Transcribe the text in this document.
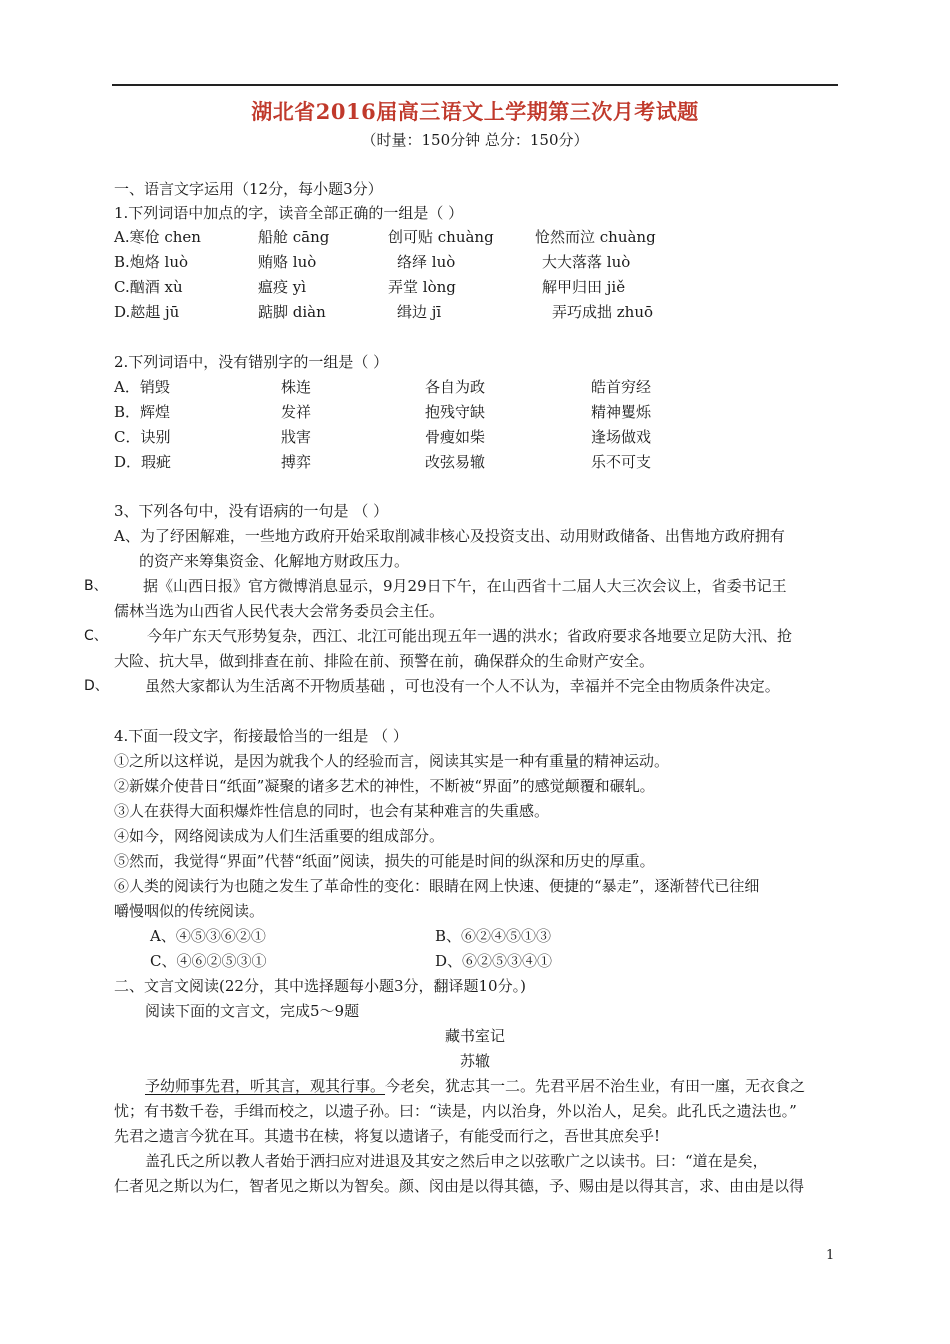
湖北省2016届高三语文上学期第三次月考试题
（时量：150分钟 总分：150分）
一、语言文字运用（12分，每小题3分）
1.下列词语中加点的字，读音全部正确的一组是（ ）
A.寒伧 chen	船舱 cāng	创可贴 chuàng	怆然而泣 chuàng
B.炮烙 luò	贿赂 luò	络绎 luò	大大落落 luò
C.酗酒 xù	瘟疫 yì	弄堂 lòng	解甲归田 jiě
D.趑趄 jū	踮脚 diàn	缉边 jī	弄巧成拙 zhuō
2.下列词语中，没有错别字的一组是（ ）
A．销毁	株连	各自为政	皓首穷经
B．辉煌	发祥	抱残守缺	精神矍烁
C．诀别	戕害	骨瘦如柴	逢场做戏
D．瑕疵	搏弈	改弦易辙	乐不可支
3、下列各句中，没有语病的一句是 （ ）
A、为了纾困解难，一些地方政府开始采取削减非核心及投资支出、动用财政储备、出售地方政府拥有
的资产来筹集资金、化解地方财政压力。
B、 据《山西日报》官方微博消息显示，9月29日下午，在山西省十二届人大三次会议上，省委书记王
儒林当选为山西省人民代表大会常务委员会主任。
C、	今年广东天气形势复杂，西江、北江可能出现五年一遇的洪水；省政府要求各地要立足防大汛、抢
大险、抗大旱，做到排查在前、排险在前、预警在前，确保群众的生命财产安全。
D、 虽然大家都认为生活离不开物质基础 ，可也没有一个人不认为，幸福并不完全由物质条件决定。
4.下面一段文字，衔接最恰当的一组是 （ ）
①之所以这样说，是因为就我个人的经验而言，阅读其实是一种有重量的精神运动。
②新媒介使昔日“纸面”凝聚的诸多艺术的神性，不断被“界面”的感觉颠覆和碾轧。
③人在获得大面积爆炸性信息的同时，也会有某种难言的失重感。
④如今，网络阅读成为人们生活重要的组成部分。
⑤然而，我觉得“界面”代替“纸面”阅读，损失的可能是时间的纵深和历史的厚重。
⑥人类的阅读行为也随之发生了革命性的变化：眼睛在网上快速、便捷的“暴走”，逐渐替代已往细
嚼慢咽似的传统阅读。
A、④⑤③⑥②①	B、⑥②④⑤①③
C、④⑥②⑤③①	D、⑥②⑤③④①
二、文言文阅读(22分，其中选择题每小题3分，翻译题10分。)
阅读下面的文言文，完成5～9题
藏书室记
苏辙
予幼师事先君，听其言，观其行事。今老矣，犹志其一二。先君平居不治生业，有田一廛，无衣食之
忧；有书数千卷，手缉而校之，以遗子孙。曰：“读是，内以治身，外以治人，足矣。此孔氏之遗法也。”
先君之遗言今犹在耳。其遗书在椟，将复以遗诸子，有能受而行之，吾世其庶矣乎!
盖孔氏之所以教人者始于洒扫应对进退及其安之然后申之以弦歌广之以读书。曰：“道在是矣，
仁者见之斯以为仁，智者见之斯以为智矣。颜、闵由是以得其德，予、赐由是以得其言，求、由由是以得
1
